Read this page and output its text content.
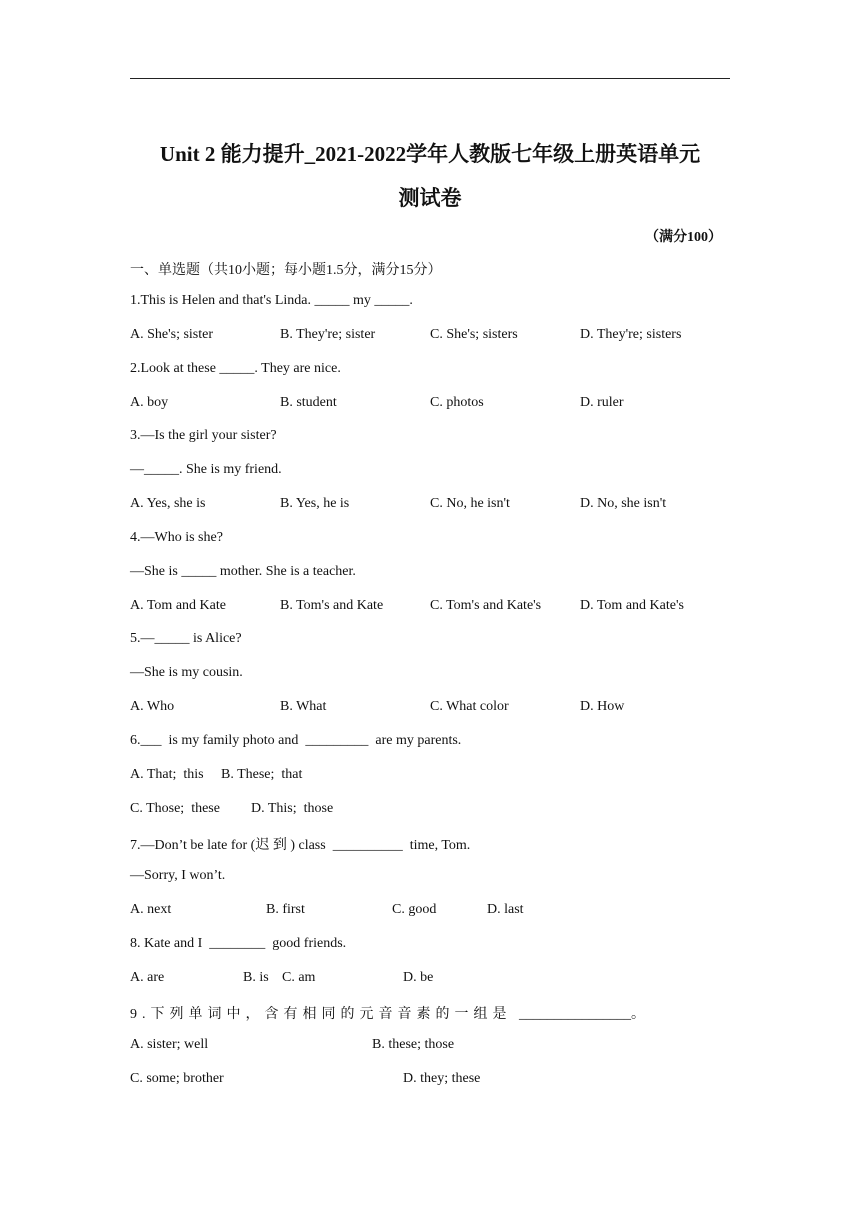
Unit 2 能力提升_2021-2022学年人教版七年级上册英语单元
测试卷
（满分100）
一、单选题（共10小题；每小题1.5分，满分15分）
1.This is Helen and that's Linda. _____ my _____.
A. She's; sister	B. They're; sister	C. She's; sisters	D. They're; sisters
2.Look at these _____. They are nice.
A. boy	B. student	C. photos	D. ruler
3.—Is the girl your sister?
—_____. She is my friend.
A. Yes, she is	B. Yes, he is	C. No, he isn't	D. No, she isn't
4.—Who is she?
—She is _____ mother. She is a teacher.
A. Tom and Kate	B. Tom's and Kate	C. Tom's and Kate's	D. Tom and Kate's
5.—_____ is Alice?
—She is my cousin.
A. Who	B. What	C. What color	D. How
6.___  is my family photo and  _________  are my parents.
A. That;  this B. These;  that
C. Those;  these D. This;  those
7.—Don’t be late for (迟 到 ) class  __________  time, Tom.
—Sorry, I won’t.
A. next	B. first	C. good	D. last
8. Kate and I  ________  good friends.
A. are	B. is C. am	D. be
9.下列单词中，含有相同的元音音素的一组是 ________________。
A. sister; well	B. these; those
C. some; brother	D. they; these
